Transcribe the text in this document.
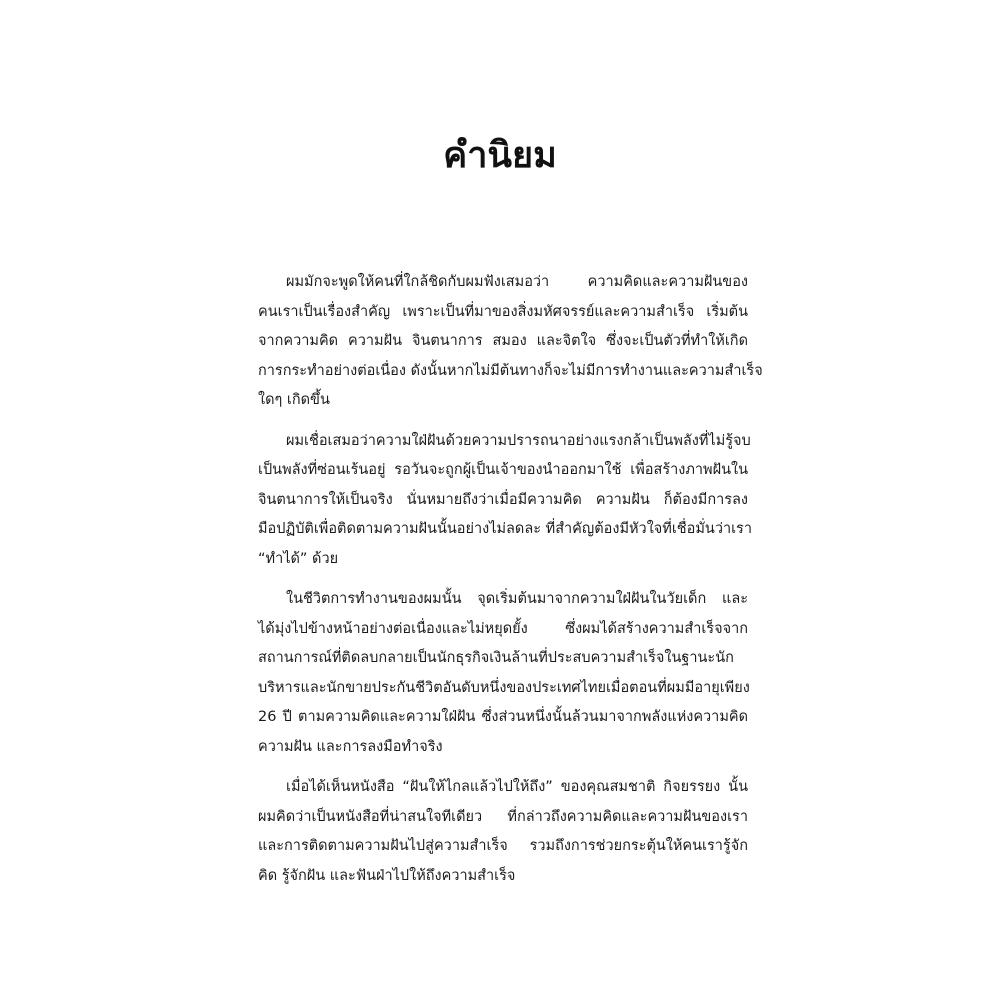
คำนิยม
ผมมักจะพูดให้คนที่ใกล้ชิดกับผมฟังเสมอว่า ความคิดและความฝันของ
คนเราเป็นเรื่องสำคัญ เพราะเป็นที่มาของสิ่งมหัศจรรย์และความสำเร็จ เริ่มต้น
จากความคิด ความฝัน จินตนาการ สมอง และจิตใจ ซึ่งจะเป็นตัวที่ทำให้เกิด
การกระทำอย่างต่อเนื่อง ดังนั้นหากไม่มีต้นทางก็จะไม่มีการทำงานและความสำเร็จ
ใดๆ เกิดขึ้น
ผมเชื่อเสมอว่าความใฝ่ฝันด้วยความปรารถนาอย่างแรงกล้าเป็นพลังที่ไม่รู้จบ
เป็นพลังที่ซ่อนเร้นอยู่ รอวันจะถูกผู้เป็นเจ้าของนำออกมาใช้ เพื่อสร้างภาพฝันใน
จินตนาการให้เป็นจริง นั่นหมายถึงว่าเมื่อมีความคิด ความฝัน ก็ต้องมีการลง
มือปฏิบัติเพื่อติดตามความฝันนั้นอย่างไม่ลดละ ที่สำคัญต้องมีหัวใจที่เชื่อมั่นว่าเรา
“ทำได้” ด้วย
ในชีวิตการทำงานของผมนั้น จุดเริ่มต้นมาจากความใฝ่ฝันในวัยเด็ก และ
ได้มุ่งไปข้างหน้าอย่างต่อเนื่องและไม่หยุดยั้ง ซึ่งผมได้สร้างความสำเร็จจาก
สถานการณ์ที่ติดลบกลายเป็นนักธุรกิจเงินล้านที่ประสบความสำเร็จในฐานะนัก
บริหารและนักขายประกันชีวิตอันดับหนึ่งของประเทศไทยเมื่อตอนที่ผมมีอายุเพียง
26 ปี ตามความคิดและความใฝ่ฝัน ซึ่งส่วนหนึ่งนั้นล้วนมาจากพลังแห่งความคิด
ความฝัน และการลงมือทำจริง
เมื่อได้เห็นหนังสือ “ฝันให้ไกลแล้วไปให้ถึง” ของคุณสมชาติ กิจยรรยง นั้น
ผมคิดว่าเป็นหนังสือที่น่าสนใจทีเดียว ที่กล่าวถึงความคิดและความฝันของเรา
และการติดตามความฝันไปสู่ความสำเร็จ รวมถึงการช่วยกระตุ้นให้คนเรารู้จัก
คิด รู้จักฝัน และฟันฝ่าไปให้ถึงความสำเร็จ
